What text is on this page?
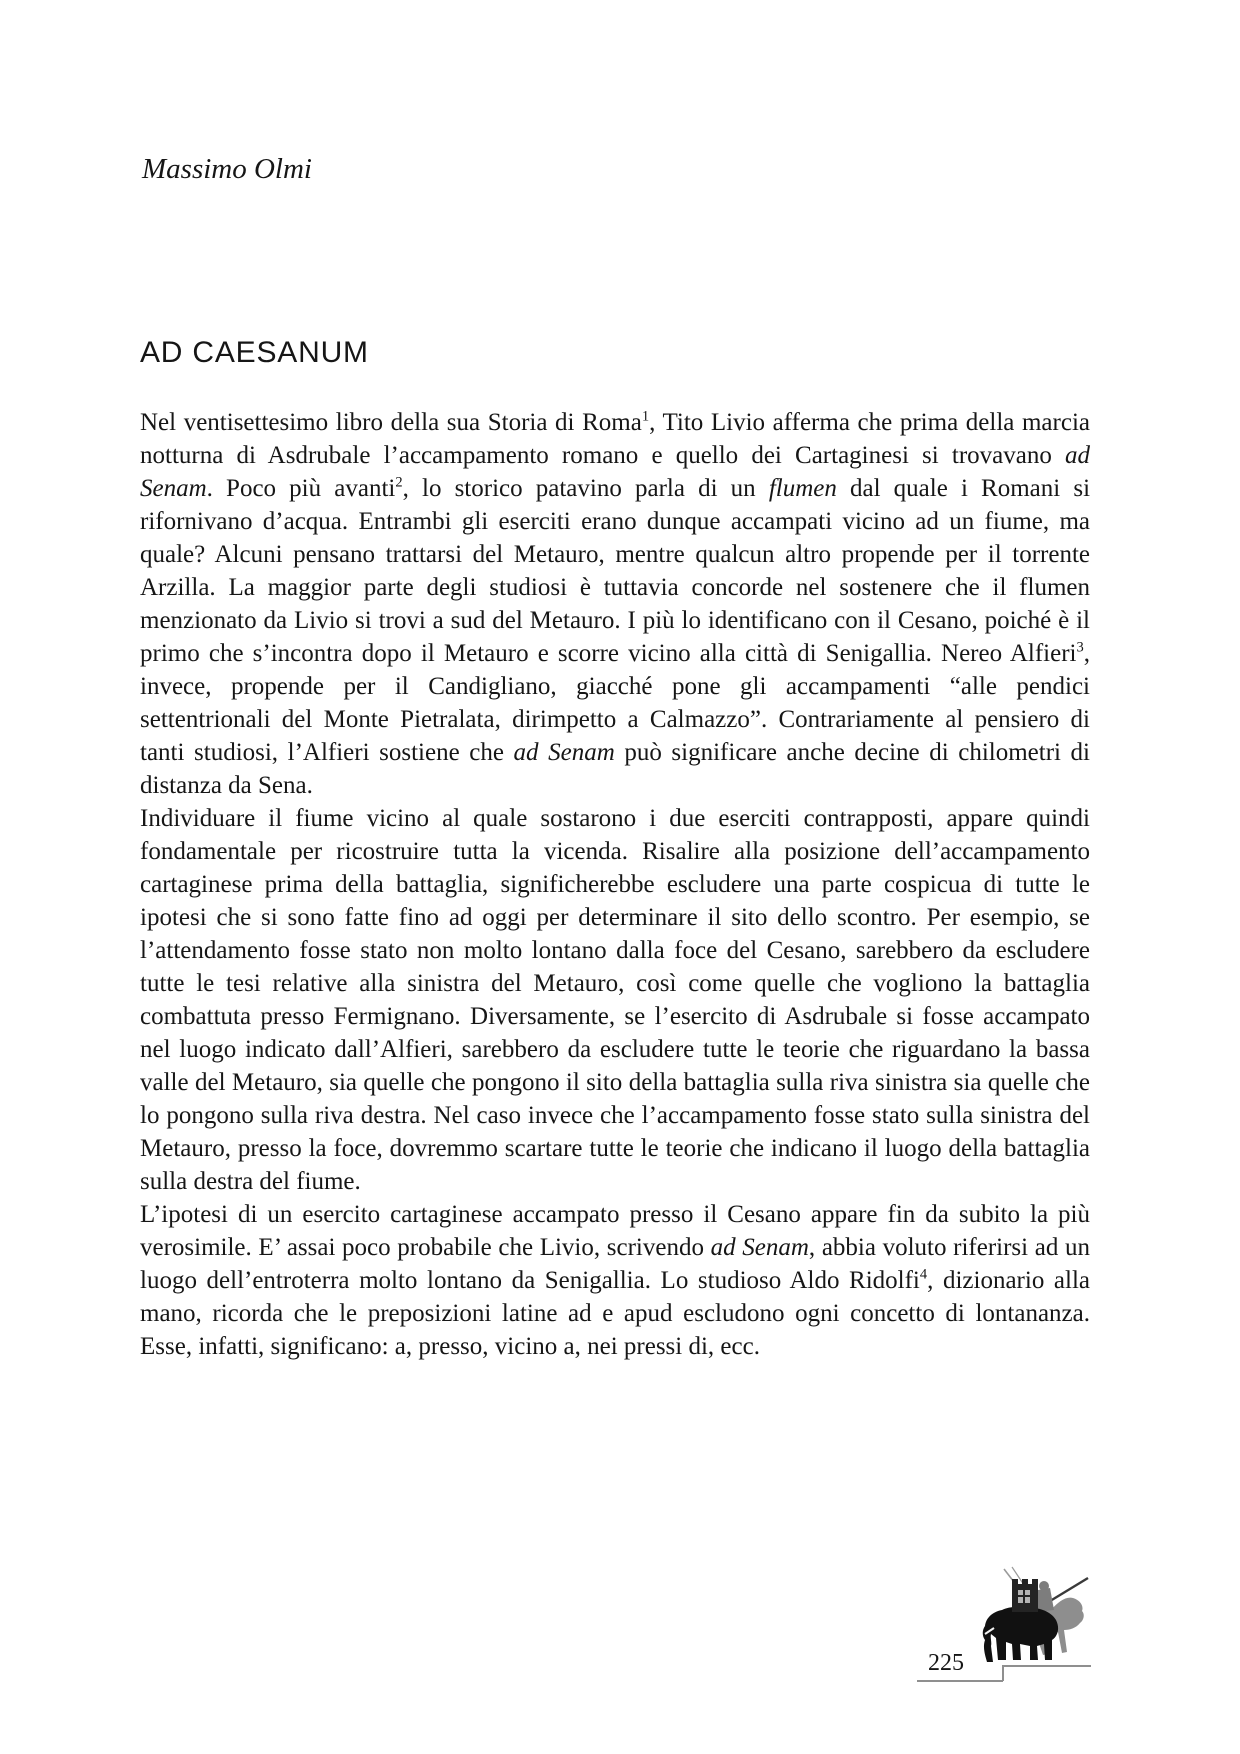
Massimo Olmi
AD CAESANUM

Nel ventisettesimo libro della sua Storia di Roma$^1$, Tito Livio afferma che prima della marcia notturna di Asdrubale l’accampamento romano e quello dei Cartaginesi si trovavano ad Senam. Poco più avanti$^2$, lo storico patavino parla di un flumen dal quale i Romani si rifornivano d’acqua. Entrambi gli eserciti erano dunque accampati vicino ad un fiume, ma quale? Alcuni pensano trattarsi del Metauro, mentre qualcun altro propende per il torrente Arzilla. La maggior parte degli studiosi è tuttavia concorde nel sostenere che il flumen menzionato da Livio si trovi a sud del Metauro. I più lo identificano con il Cesano, poiché è il primo che s’incontra dopo il Metauro e scorre vicino alla città di Senigallia. Nereo Alfieri$^3$, invece, propende per il Candigliano, giacché pone gli accampamenti “alle pendici settentrionali del Monte Pietralata, dirimpetto a Calmazzo”. Contrariamente al pensiero di tanti studiosi, l’Alfieri sostiene che ad Senam può significare anche decine di chilometri di distanza da Sena.

Individuare il fiume vicino al quale sostarono i due eserciti contrapposti, appare quindi fondamentale per ricostruire tutta la vicenda. Risalire alla posizione dell’accampamento cartaginese prima della battaglia, significherebbe escludere una parte cospicua di tutte le ipotesi che si sono fatte fino ad oggi per determinare il sito dello scontro. Per esempio, se l’attendamento fosse stato non molto lontano dalla foce del Cesano, sarebbero da escludere tutte le tesi relative alla sinistra del Metauro, così come quelle che vogliono la battaglia combattuta presso Fermignano. Diversamente, se l’esercito di Asdrubale si fosse accampato nel luogo indicato dall’Alfieri, sarebbero da escludere tutte le teorie che riguardano la bassa valle del Metauro, sia quelle che pongono il sito della battaglia sulla riva sinistra sia quelle che lo pongono sulla riva destra. Nel caso invece che l’accampamento fosse stato sulla sinistra del Metauro, presso la foce, dovremmo scartare tutte le teorie che indicano il luogo della battaglia sulla destra del fiume.

L’ipotesi di un esercito cartaginese accampato presso il Cesano appare fin da subito la più verosimile. E’ assai poco probabile che Livio, scrivendo ad Senam, abbia voluto riferirsi ad un luogo dell’entroterra molto lontano da Senigallia. Lo studioso Aldo Ridolfi$^4$, dizionario alla mano, ricorda che le preposizioni latine ad e apud escludono ogni concetto di lontananza. Esse, infatti, significano: a, presso, vicino a, nei pressi di, ecc.

225
